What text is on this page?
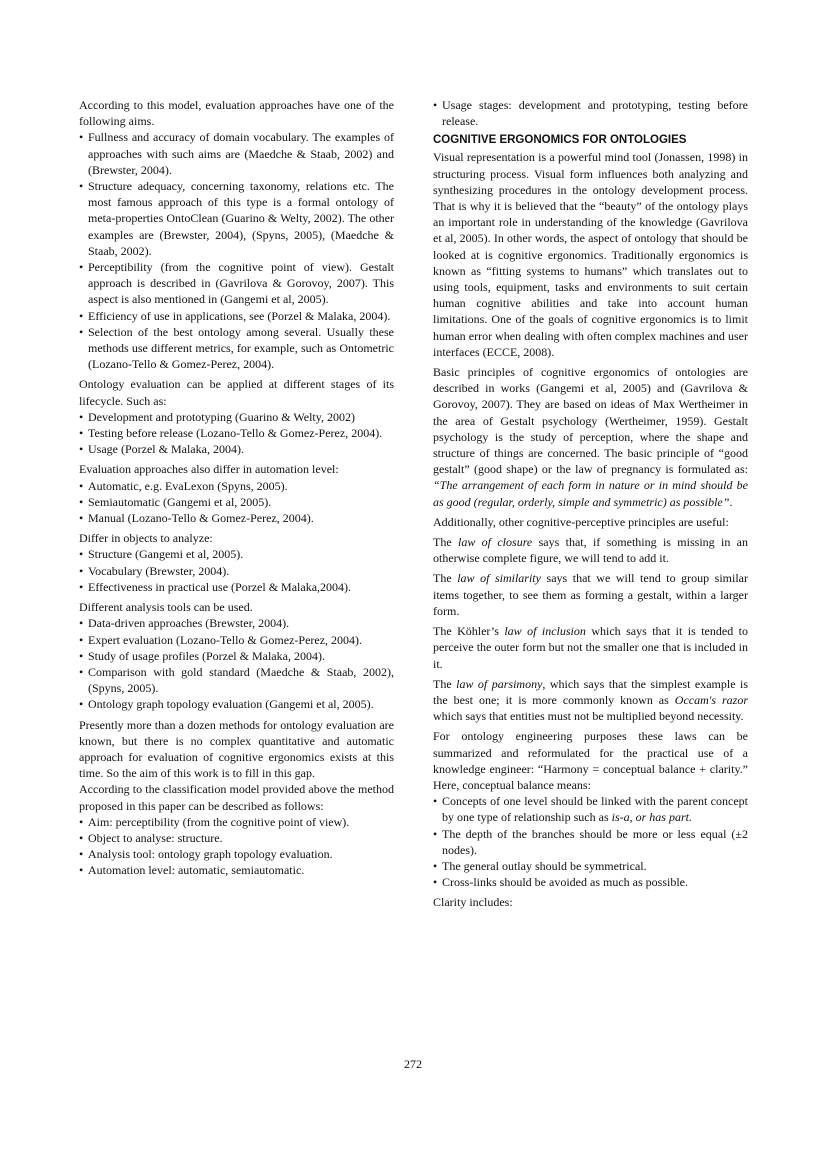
According to this model, evaluation approaches have one of the following aims.

• Fullness and accuracy of domain vocabulary. The examples of approaches with such aims are (Maedche & Staab, 2002) and (Brewster, 2004).
• Structure adequacy, concerning taxonomy, relations etc. The most famous approach of this type is a formal ontology of meta-properties OntoClean (Guarino & Welty, 2002). The other examples are (Brewster, 2004), (Spyns, 2005), (Maedche & Staab, 2002).
• Perceptibility (from the cognitive point of view). Gestalt approach is described in (Gavrilova & Gorovoy, 2007). This aspect is also mentioned in (Gangemi et al, 2005).
• Efficiency of use in applications, see (Porzel & Malaka, 2004).
• Selection of the best ontology among several. Usually these methods use different metrics, for example, such as Ontometric (Lozano-Tello & Gomez-Perez, 2004).

Ontology evaluation can be applied at different stages of its lifecycle. Such as:

• Development and prototyping (Guarino & Welty, 2002)
• Testing before release (Lozano-Tello & Gomez-Perez, 2004).
• Usage (Porzel & Malaka, 2004).

Evaluation approaches also differ in automation level:

• Automatic, e.g. EvaLexon (Spyns, 2005).
• Semiautomatic (Gangemi et al, 2005).
• Manual (Lozano-Tello & Gomez-Perez, 2004).

Differ in objects to analyze:

• Structure (Gangemi et al, 2005).
• Vocabulary (Brewster, 2004).
• Effectiveness in practical use (Porzel & Malaka,2004).

Different analysis tools can be used.

• Data-driven approaches (Brewster, 2004).
• Expert evaluation (Lozano-Tello & Gomez-Perez, 2004).
• Study of usage profiles (Porzel & Malaka, 2004).
• Comparison with gold standard (Maedche & Staab, 2002), (Spyns, 2005).
• Ontology graph topology evaluation (Gangemi et al, 2005).

Presently more than a dozen methods for ontology evaluation are known, but there is no complex quantitative and automatic approach for evaluation of cognitive ergonomics exists at this time. So the aim of this work is to fill in this gap.

According to the classification model provided above the method proposed in this paper can be described as follows:

• Aim: perceptibility (from the cognitive point of view).
• Object to analyse: structure.
• Analysis tool: ontology graph topology evaluation.
• Automation level: automatic, semiautomatic.
• Usage stages: development and prototyping, testing before release.
COGNITIVE ERGONOMICS FOR ONTOLOGIES

Visual representation is a powerful mind tool (Jonassen, 1998) in structuring process. Visual form influences both analyzing and synthesizing procedures in the ontology development process. That is why it is believed that the “beauty” of the ontology plays an important role in understanding of the knowledge (Gavrilova et al, 2005). In other words, the aspect of ontology that should be looked at is cognitive ergonomics. Traditionally ergonomics is known as “fitting systems to humans” which translates out to using tools, equipment, tasks and environments to suit certain human cognitive abilities and take into account human limitations. One of the goals of cognitive ergonomics is to limit human error when dealing with often complex machines and user interfaces (ECCE, 2008).

Basic principles of cognitive ergonomics of ontologies are described in works (Gangemi et al, 2005) and (Gavrilova & Gorovoy, 2007). They are based on ideas of Max Wertheimer in the area of Gestalt psychology (Wertheimer, 1959). Gestalt psychology is the study of perception, where the shape and structure of things are concerned. The basic principle of “good gestalt” (good shape) or the law of pregnancy is formulated as: “The arrangement of each form in nature or in mind should be as good (regular, orderly, simple and symmetric) as possible”.

Additionally, other cognitive-perceptive principles are useful:

The law of closure says that, if something is missing in an otherwise complete figure, we will tend to add it.

The law of similarity says that we will tend to group similar items together, to see them as forming a gestalt, within a larger form.

The Köhler’s law of inclusion which says that it is tended to perceive the outer form but not the smaller one that is included in it.

The law of parsimony, which says that the simplest example is the best one; it is more commonly known as Occam's razor which says that entities must not be multiplied beyond necessity.

For ontology engineering purposes these laws can be summarized and reformulated for the practical use of a knowledge engineer: “Harmony = conceptual balance + clarity.” Here, conceptual balance means:

• Concepts of one level should be linked with the parent concept by one type of relationship such as is-a, or has part.
• The depth of the branches should be more or less equal (±2 nodes).
• The general outlay should be symmetrical.
• Cross-links should be avoided as much as possible.

Clarity includes:

272
